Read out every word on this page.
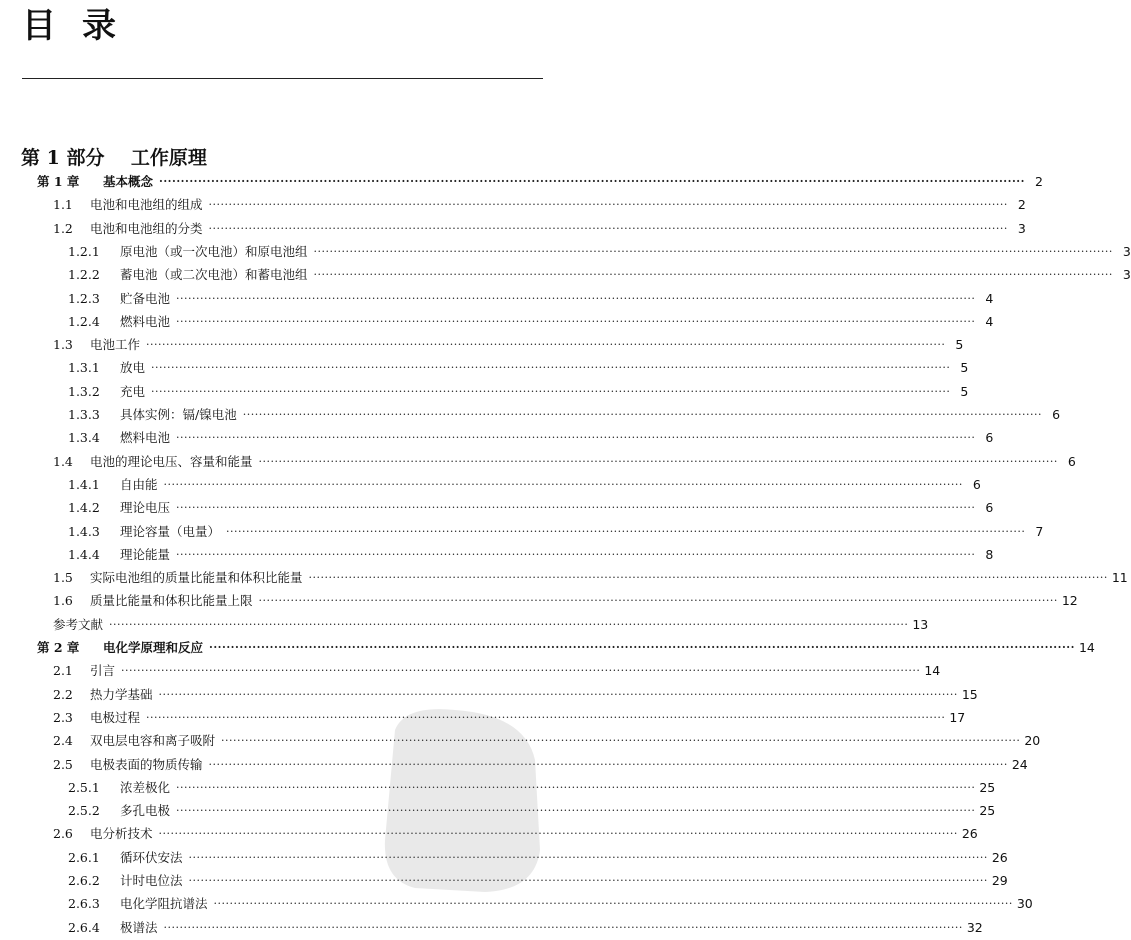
目录
第 1 部分    工作原理
第 1 章	基本概念 ········································································································································································································ 2
1.1	电池和电池组的组成 ········································································································································································································ 2
1.2	电池和电池组的分类 ········································································································································································································ 3
1.2.1	原电池（或一次电池）和原电池组 ········································································································································································································ 3
1.2.2	蓄电池（或二次电池）和蓄电池组 ········································································································································································································ 3
1.2.3	贮备电池 ········································································································································································································ 4
1.2.4	燃料电池 ········································································································································································································ 4
1.3	电池工作 ········································································································································································································ 5
1.3.1	放电 ········································································································································································································ 5
1.3.2	充电 ········································································································································································································ 5
1.3.3	具体实例：镉/镍电池 ········································································································································································································ 6
1.3.4	燃料电池 ········································································································································································································ 6
1.4	电池的理论电压、容量和能量 ········································································································································································································ 6
1.4.1	自由能 ········································································································································································································ 6
1.4.2	理论电压 ········································································································································································································ 6
1.4.3	理论容量（电量） ········································································································································································································ 7
1.4.4	理论能量 ········································································································································································································ 8
1.5	实际电池组的质量比能量和体积比能量 ········································································································································································································ 11
1.6	质量比能量和体积比能量上限 ········································································································································································································ 12
参考文献 ········································································································································································································ 13
第 2 章	电化学原理和反应 ········································································································································································································ 14
2.1	引言 ········································································································································································································ 14
2.2	热力学基础 ········································································································································································································ 15
2.3	电极过程 ········································································································································································································ 17
2.4	双电层电容和离子吸附 ········································································································································································································ 20
2.5	电极表面的物质传输 ········································································································································································································ 24
2.5.1	浓差极化 ········································································································································································································ 25
2.5.2	多孔电极 ········································································································································································································ 25
2.6	电分析技术 ········································································································································································································ 26
2.6.1	循环伏安法 ········································································································································································································ 26
2.6.2	计时电位法 ········································································································································································································ 29
2.6.3	电化学阻抗谱法 ········································································································································································································ 30
2.6.4	极谱法 ········································································································································································································ 32
